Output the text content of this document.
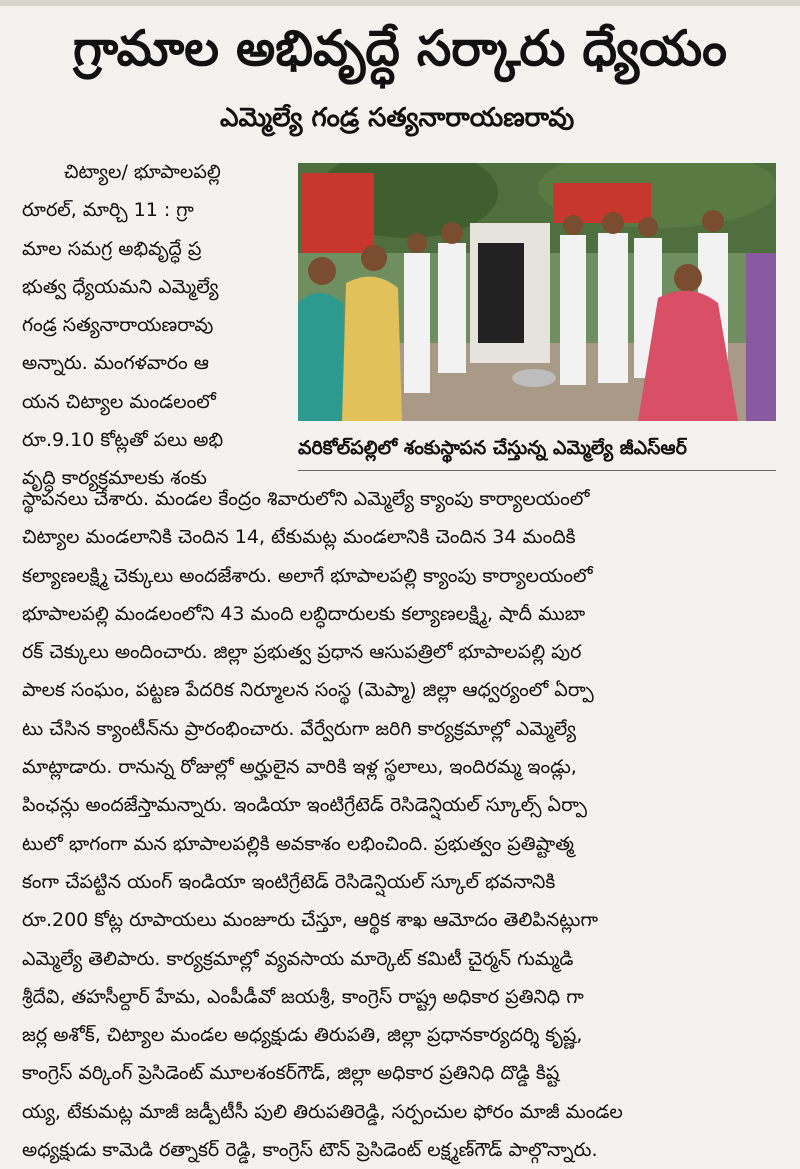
గ్రామాల అభివృద్ధే సర్కారు ధ్యేయం
ఎమ్మెల్యే గండ్ర సత్యనారాయణరావు
చిట్యాల/ భూపాలపల్లి
రూరల్, మార్చి 11 : గ్రా
మాల సమగ్ర అభివృద్ధే ప్ర
భుత్వ ధ్యేయమని ఎమ్మెల్యే
గండ్ర సత్యనారాయణరావు
అన్నారు. మంగళవారం ఆ
యన చిట్యాల మండలంలో
రూ.9.10 కోట్లతో పలు అభి
వృద్ధి కార్యక్రమాలకు శంకు
వరికోల్‌పల్లిలో శంకుస్థాపన చేస్తున్న ఎమ్మెల్యే జీఎస్‌ఆర్
స్థాపనలు చేశారు. మండల కేంద్రం శివారులోని ఎమ్మెల్యే క్యాంపు కార్యాలయంలో
చిట్యాల మండలానికి చెందిన 14, టేకుమట్ల మండలానికి చెందిన 34 మందికి
కల్యాణలక్ష్మి చెక్కులు అందజేశారు. అలాగే భూపాలపల్లి క్యాంపు కార్యాలయంలో
భూపాలపల్లి మండలంలోని 43 మంది లబ్ధిదారులకు కల్యాణలక్ష్మి, షాదీ ముబా
రక్ చెక్కులు అందించారు. జిల్లా ప్రభుత్వ ప్రధాన ఆసుపత్రిలో భూపాలపల్లి పుర
పాలక సంఘం, పట్టణ పేదరిక నిర్మూలన సంస్థ (మెప్మా) జిల్లా ఆధ్వర్యంలో ఏర్పా
టు చేసిన క్యాంటీన్‌ను ప్రారంభించారు. వేర్వేరుగా జరిగి కార్యక్రమాల్లో ఎమ్మెల్యే
మాట్లాడారు. రానున్న రోజుల్లో అర్హులైన వారికి ఇళ్ల స్థలాలు, ఇందిరమ్మ ఇండ్లు,
పింఛన్లు అందజేస్తామన్నారు. ఇండియా ఇంటిగ్రేటెడ్ రెసిడెన్షియల్ స్కూల్స్ ఏర్పా
టులో భాగంగా మన భూపాలపల్లికి అవకాశం లభించింది. ప్రభుత్వం ప్రతిష్టాత్మ
కంగా చేపట్టిన యంగ్ ఇండియా ఇంటిగ్రేటెడ్ రెసిడెన్షియల్ స్కూల్ భవనానికి
రూ.200 కోట్ల రూపాయలు మంజూరు చేస్తూ, ఆర్థిక శాఖ ఆమోదం తెలిపినట్లుగా
ఎమ్మెల్యే తెలిపారు. కార్యక్రమాల్లో వ్యవసాయ మార్కెట్ కమిటీ చైర్మన్ గుమ్మడి
శ్రీదేవి, తహసీల్దార్ హేమ, ఎంపీడీవో జయశ్రీ, కాంగ్రెస్ రాష్ట్ర అధికార ప్రతినిధి గా
జర్ల అశోక్, చిట్యాల మండల అధ్యక్షుడు తిరుపతి, జిల్లా ప్రధానకార్యదర్శి కృష్ణ,
కాంగ్రెస్ వర్కింగ్ ప్రెసిడెంట్ మూలశంకర్‌గౌడ్, జిల్లా అధికార ప్రతినిధి దొడ్డి కిష్ట
య్య, టేకుమట్ల మాజీ జడ్పీటీసీ పులి తిరుపతిరెడ్డి, సర్పంచుల ఫోరం మాజీ మండల
అధ్యక్షుడు కామెడి రత్నాకర్ రెడ్డి, కాంగ్రెస్ టౌన్ ప్రెసిడెంట్ లక్ష్మణ్‌గౌడ్ పాల్గొన్నారు.
